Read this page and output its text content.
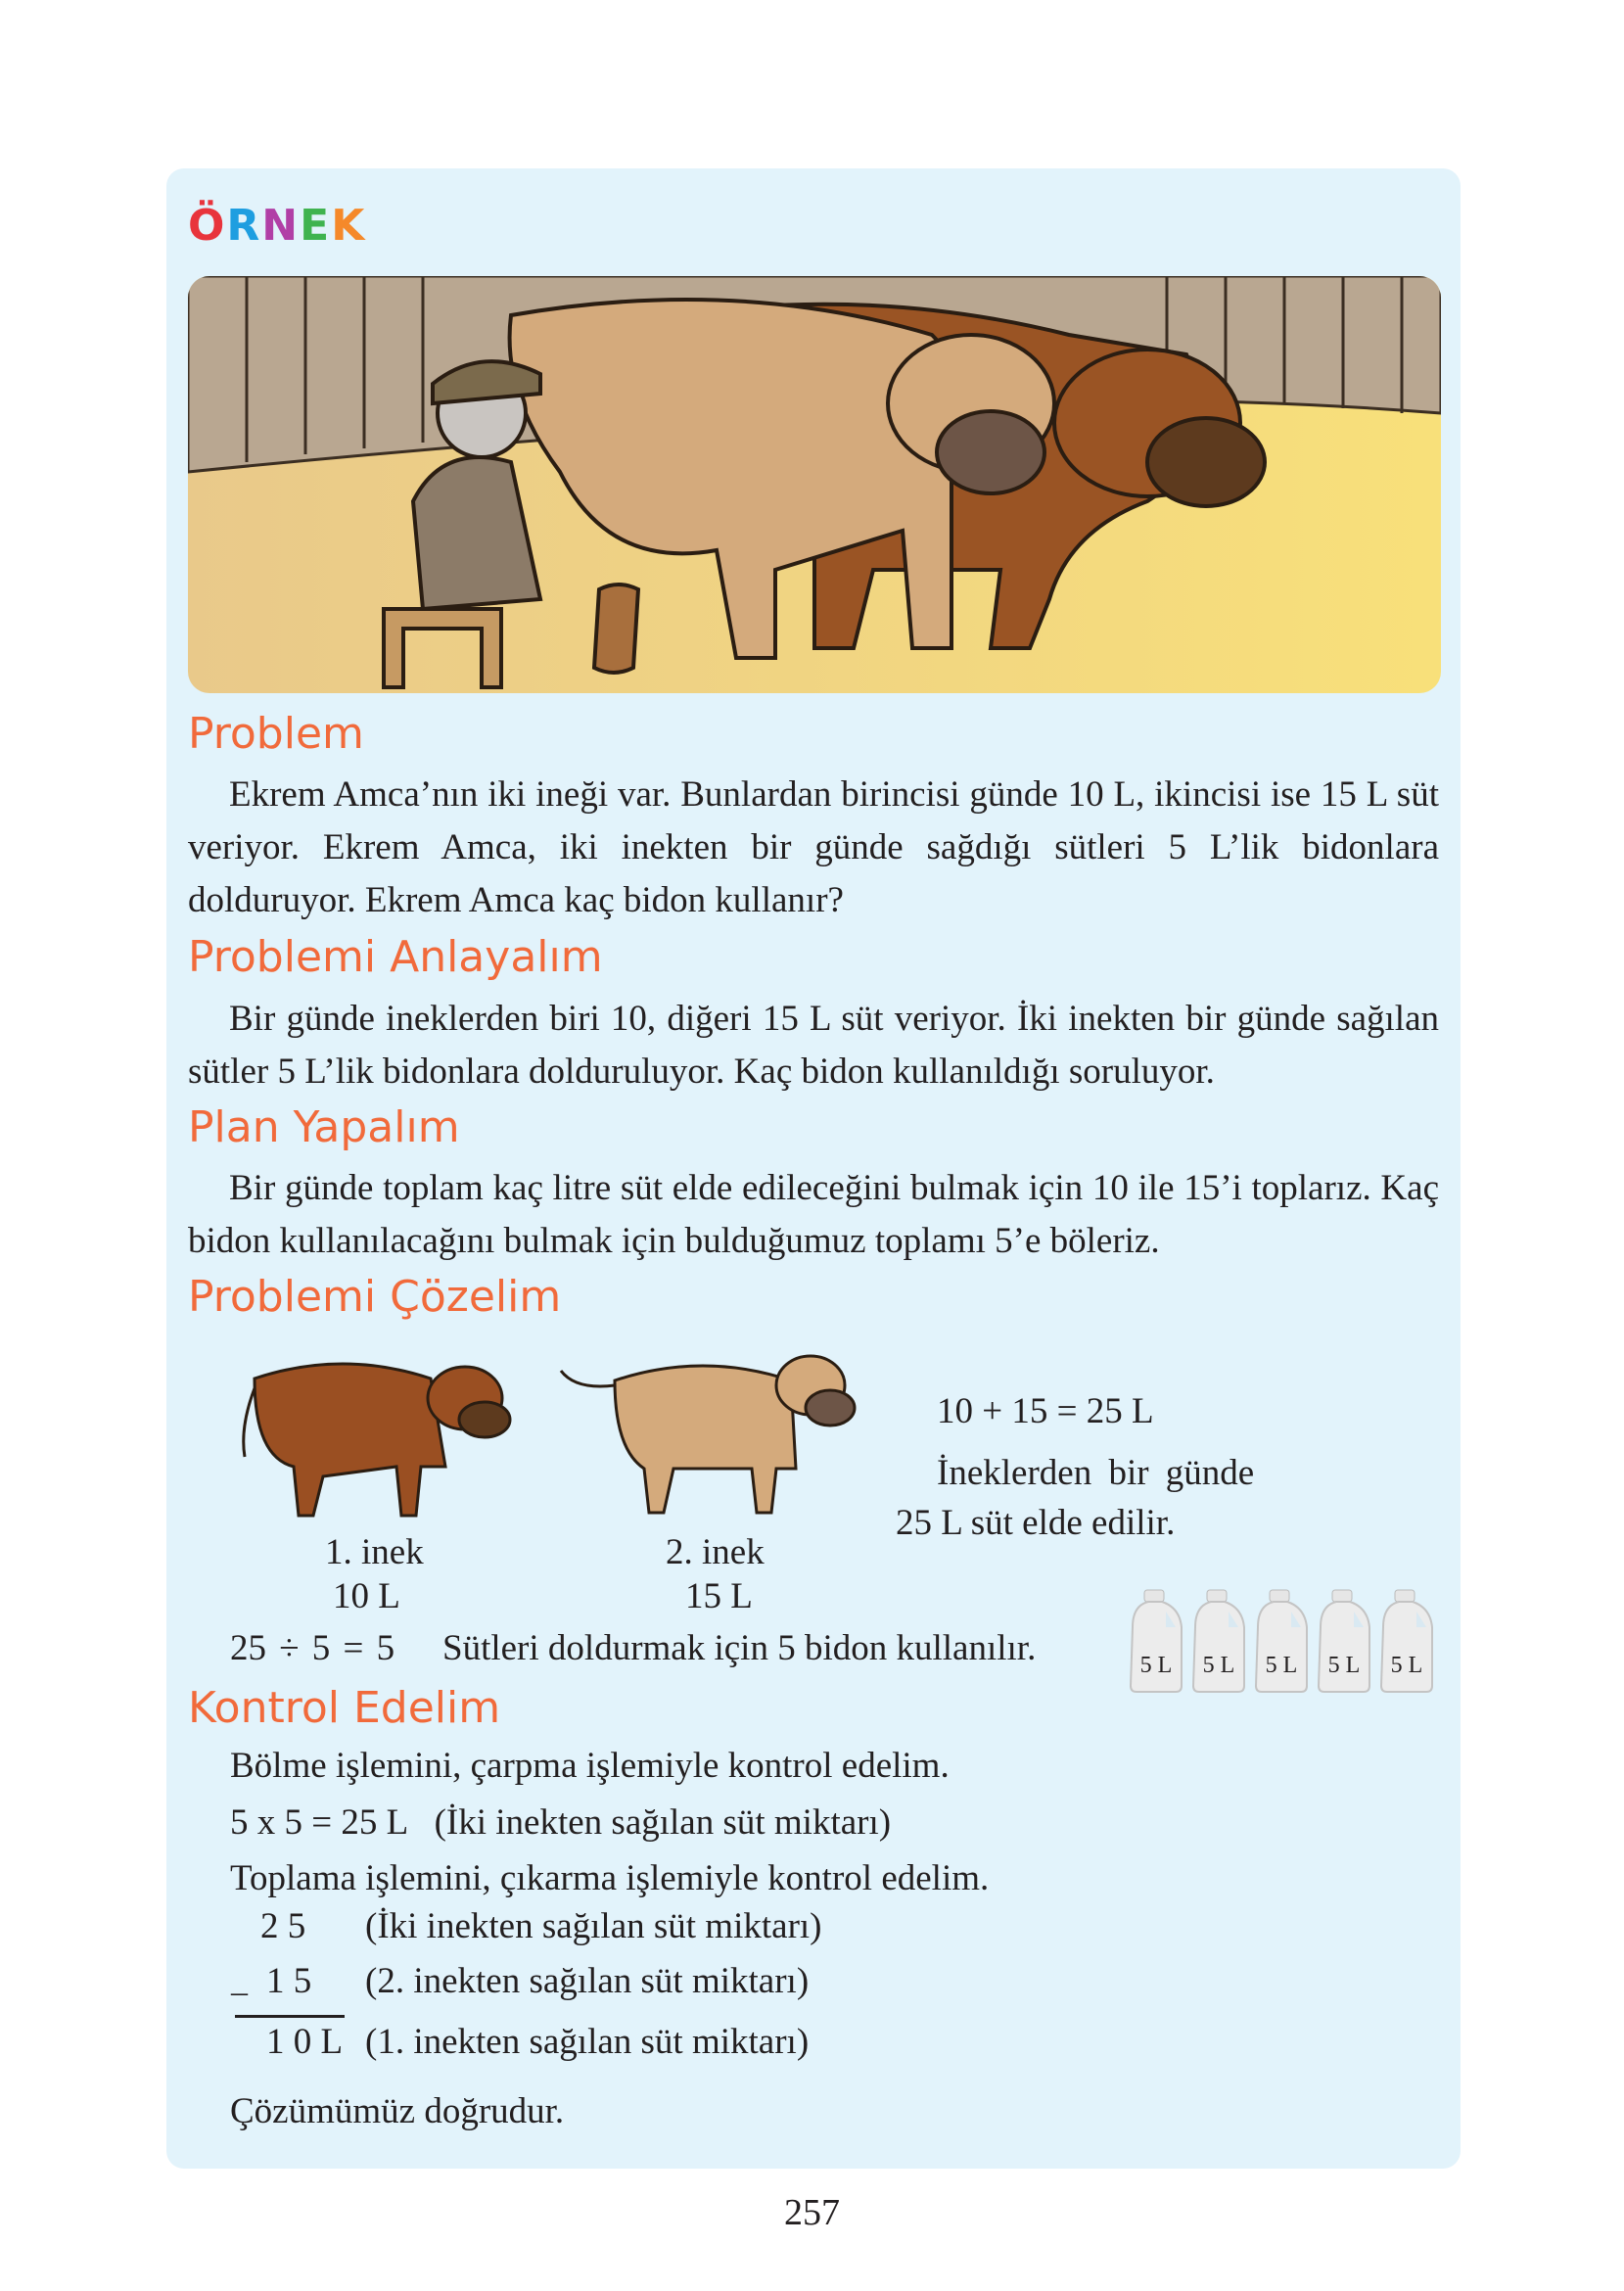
ÖRNEK
Problem
Ekrem Amca’nın iki ineği var. Bunlardan birincisi günde 10 L, ikincisi ise 15 L süt veriyor. Ekrem Amca, iki inekten bir günde sağdığı sütleri 5 L’lik bidonlara dolduruyor. Ekrem Amca kaç bidon kullanır?
Problemi Anlayalım
Bir günde ineklerden biri 10, diğeri 15 L süt veriyor. İki inekten bir günde sağılan sütler 5 L’lik bidonlara dolduruluyor. Kaç bidon kullanıldığı soruluyor.
Plan Yapalım
Bir günde toplam kaç litre süt elde edileceğini bulmak için 10 ile 15’i toplarız. Kaç bidon kullanılacağını bulmak için bulduğumuz toplamı 5’e böleriz.
Problemi Çözelim
1. inek
10 L
2. inek
15 L
10 + 15 = 25 L
İneklerden bir günde
25 L süt elde edilir.
25 ÷ 5 = 5 Sütleri doldurmak için 5 bidon kullanılır.	5 L	5 L	5 L	5 L	5 L
Kontrol Edelim
Bölme işlemini, çarpma işlemiyle kontrol edelim.
5 x 5 = 25 L   (İki inekten sağılan süt miktarı)
Toplama işlemini, çıkarma işlemiyle kontrol edelim.
2 5 (İki inekten sağılan süt miktarı)
1 5 (2. inekten sağılan süt miktarı)
–
1 0 L (1. inekten sağılan süt miktarı)
Çözümümüz doğrudur.
257
